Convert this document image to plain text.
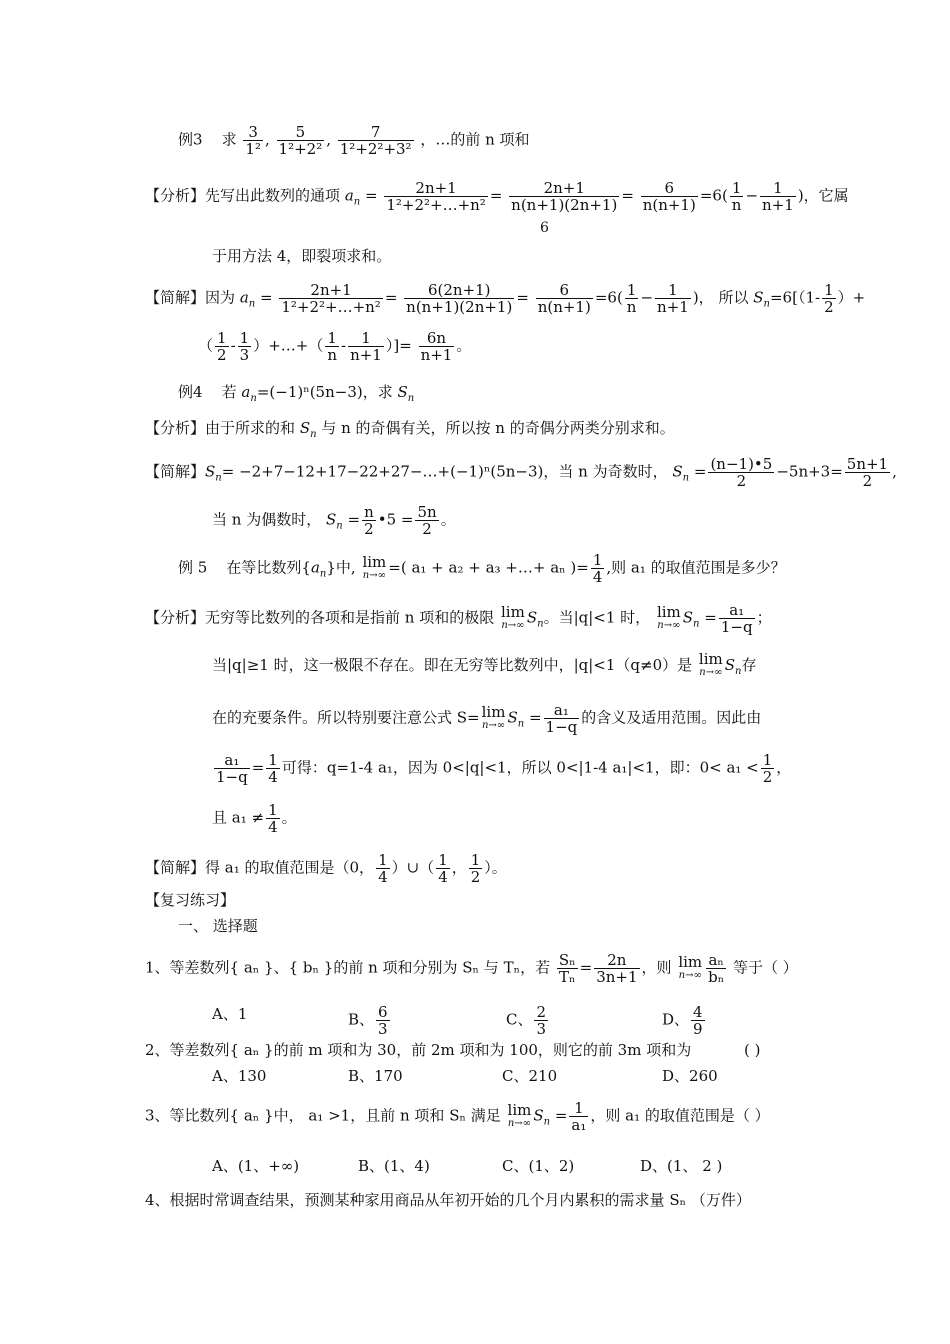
例3 求 $\frac{3}{\text{1²}}$ , $\frac{5}{\text{1²+2²}}$ , $\frac{7}{\text{1²+2²+3²}}$ ，…的前 n 项和
【分析】先写出此数列的通项 $a_n = \frac{2n+1}{\text{1²+2²+…+n²}} = \frac{2n+1}{n(n+1)(2n+1)} = \frac{6}{n(n+1)} =6( \frac{1}{n} - \frac{1}{n+1}$ )，它属
6
于用方法 4，即裂项求和。
【简解】因为 $a_n = \frac{2n+1}{\text{1²+2²+…+n²}} = \frac{6(2n+1)}{n(n+1)(2n+1)} = \frac{6}{n(n+1)} =6( \frac{1}{n} - \frac{1}{n+1}$ )， 所以 $S_n=6[(1- \frac{1}{2}$ ）+
（ $\frac{1}{2} - \frac{1}{3}$ ）+…+（ $\frac{1}{n} - \frac{1}{n+1}$ ）]= $\frac{6n}{n+1}$ 。
例4 若 $a_n=(-1)^n(5n-3)$，求 $S_n$
【分析】由于所求的和 $S_n$ 与 n 的奇偶有关，所以按 n 的奇偶分两类分别求和。
【简解】$S_n=$ −2+7−12+17−22+27−…+(−1)ⁿ(5n−3)，当 n 为奇数时， $S_n = \frac{(n-1)•5}{2} -5n+3= \frac{5n+1}{2}$ ,
当 n 为偶数时， $S_n = \frac{n}{2}$ •5 = $\frac{5n}{2}$ 。
例 5 在等比数列$\{a_n\}$中, lim
n→∞ =( a₁ + a₂ + a₃ +…+ aₙ )= $\frac{1}{4}$ ,则 a₁ 的取值范围是多少？
【分析】无穷等比数列的各项和是指前 n 项和的极限 lim
n→∞ $S_n$。当|q|<1 时， lim
n→∞ $S_n = \frac{\text{a₁}}{1-q}$ ；
当|q|≥1 时，这一极限不存在。即在无穷等比数列中，|q|<1（q≠0）是 lim
n→∞ $S_n$存
在的充要条件。所以特别要注意公式 S= lim
n→∞ $S_n = \frac{\text{a₁}}{1-q}$ 的含义及适用范围。因此由
$\frac{\text{a₁}}{1-q} = \frac{1}{4}$ 可得：q=1-4 a₁，因为 0<|q|<1，所以 0<|1-4 a₁|<1，即：$0< a_1 < \frac{1}{2}$ ，
且 $a_1 \ne \frac{1}{4}$ 。
【简解】得 a₁ 的取值范围是（0， $\frac{1}{4}$ ）∪（ $\frac{1}{4}$ ， $\frac{1}{2}$ ）。
【复习练习】
一、 选择题
1、等差数列{ aₙ }、{ bₙ }的前 n 项和分别为 Sₙ 与 Tₙ，若 $\frac{\text{Sₙ}}{\text{Tₙ}} = \frac{2n}{3n+1}$ ，则 lim
$n\to\infty \frac{\text{aₙ}}{\text{bₙ}}$ 等于（ ）
A、1	B、 $\frac{6}{3}$	C、 $\frac{2}{3}$	D、 $\frac{4}{9}$
2、等差数列{ aₙ }的前 m 项和为 30，前 2m 项和为 100，则它的前 3m 项和为	( )
A、130	B、170	C、210	D、260
3、等比数列{ aₙ }中， a₁ >1，且前 n 项和 Sₙ 满足 lim
n→∞ $S_n = \frac{1}{\text{a₁}}$ ，则 a₁ 的取值范围是（ ）
A、(1、+∞)	B、(1、4)	C、(1、2)	D、(1、 2 )
4、根据时常调查结果，预测某种家用商品从年初开始的几个月内累积的需求量 Sₙ （万件）
